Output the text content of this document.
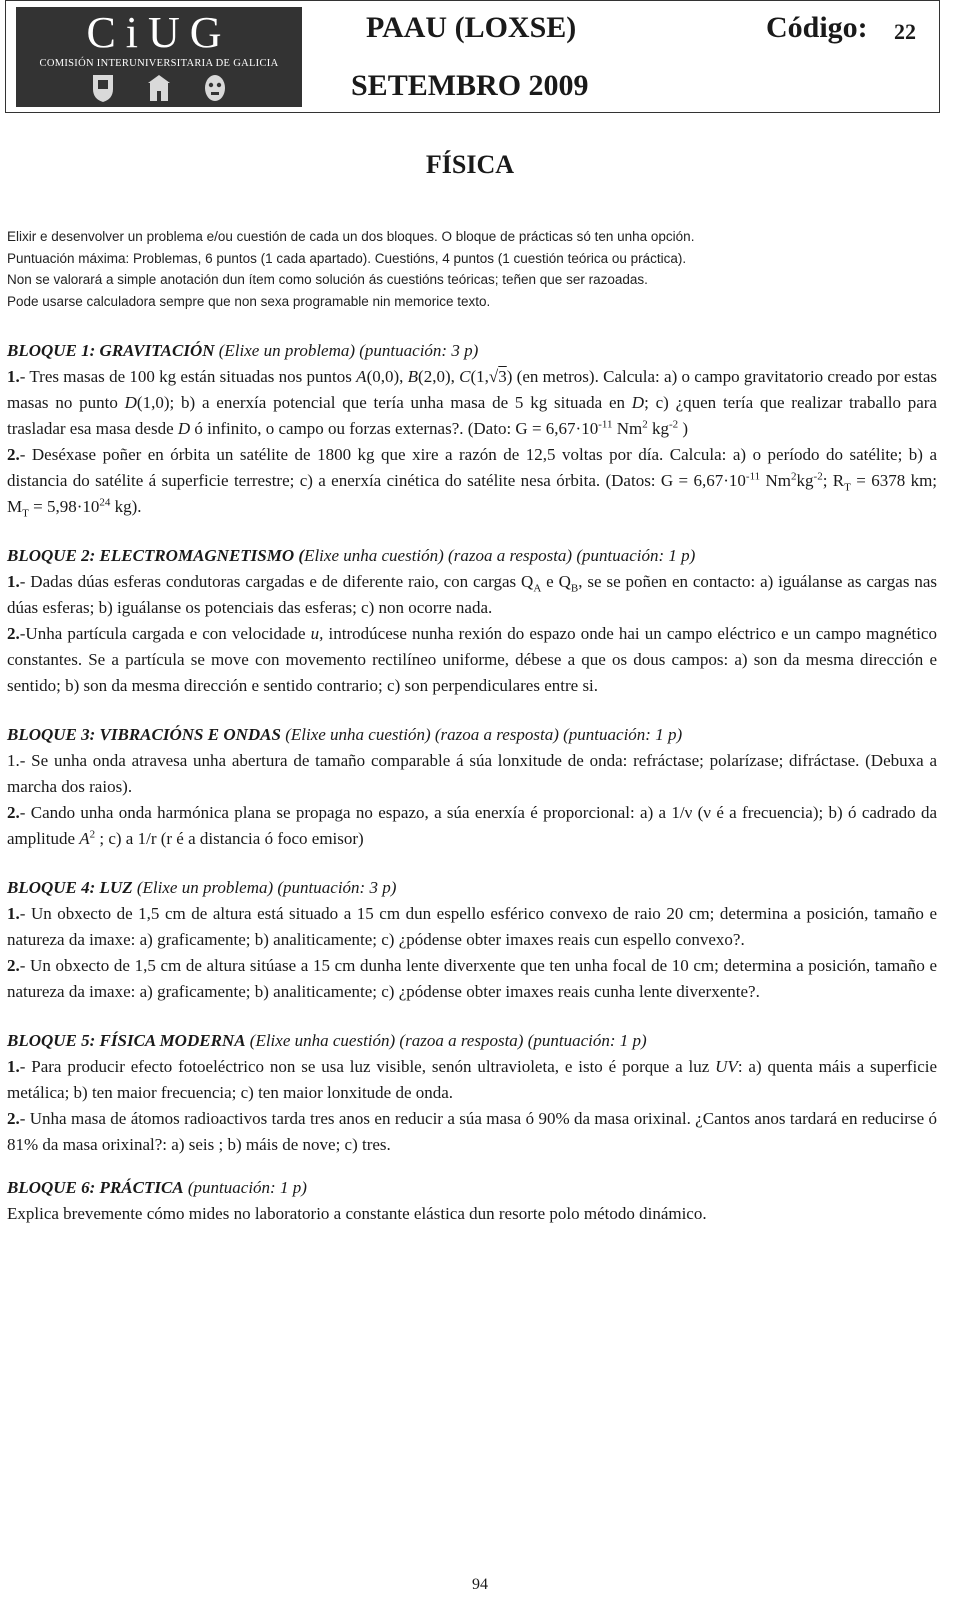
CiUG
COMISIÓN INTERUNIVERSITARIA DE GALICIA

PAAU (LOXSE)
SETEMBRO 2009
Código: 22
FÍSICA

Elixir e desenvolver un problema e/ou cuestión de cada un dos bloques. O bloque de prácticas só ten unha opción.

Puntuación máxima: Problemas, 6 puntos (1 cada apartado). Cuestións, 4 puntos (1 cuestión teórica ou práctica).

Non se valorará a simple anotación dun ítem como solución ás cuestións teóricas; teñen que ser razoadas.

Pode usarse calculadora sempre que non sexa programable nin memorice texto.

BLOQUE 1: GRAVITACIÓN (Elixe un problema) (puntuación: 3 p)

1.- Tres masas de 100 kg están situadas nos puntos A(0,0), B(2,0), C(1,√3) (en metros). Calcula: a) o campo gravitatorio creado por estas masas no punto D(1,0); b) a enerxía potencial que tería unha masa de 5 kg situada en D; c) ¿quen tería que realizar traballo para trasladar esa masa desde D ó infinito, o campo ou forzas externas?. (Dato: $G = 6,67\cdot 10^{-11}$ Nm$^2$ $kg^{-2}$ )

2.- Deséxase poñer en órbita un satélite de 1800 kg que xire a razón de 12,5 voltas por día. Calcula: a) o período do satélite; b) a distancia do satélite á superficie terrestre; c) a enerxía cinética do satélite nesa órbita. (Datos: $G = 6,67\cdot 10^{-11}$ $Nm^2kg^{-2}$; $R_T = 6378$ km; $M_T = 5,98\cdot 10^{24}$ kg).

BLOQUE 2: ELECTROMAGNETISMO (Elixe unha cuestión) (razoa a resposta) (puntuación: 1 p)

1.- Dadas dúas esferas condutoras cargadas e de diferente raio, con cargas $Q_A$ e $Q_B$, se se poñen en contacto: a) iguálanse as cargas nas dúas esferas; b) iguálanse os potenciais das esferas; c) non ocorre nada.

2.-Unha partícula cargada e con velocidade u, introdúcese nunha rexión do espazo onde hai un campo eléctrico e un campo magnético constantes. Se a partícula se move con movemento rectilíneo uniforme, débese a que os dous campos: a) son da mesma dirección e sentido; b) son da mesma dirección e sentido contrario; c) son perpendiculares entre si.

BLOQUE 3: VIBRACIÓNS E ONDAS (Elixe unha cuestión) (razoa a resposta) (puntuación: 1 p)

1.- Se unha onda atravesa unha abertura de tamaño comparable á súa lonxitude de onda: refráctase; polarízase; difráctase. (Debuxa a marcha dos raios).

2.- Cando unha onda harmónica plana se propaga no espazo, a súa enerxía é proporcional: a) a 1/ν (ν é a frecuencia); b) ó cadrado da amplitude $A^2$ ; c) a 1/r (r é a distancia ó foco emisor)

BLOQUE 4: LUZ (Elixe un problema) (puntuación: 3 p)

1.- Un obxecto de 1,5 cm de altura está situado a 15 cm dun espello esférico convexo de raio 20 cm; determina a posición, tamaño e natureza da imaxe: a) graficamente; b) analiticamente; c) ¿pódense obter imaxes reais cun espello convexo?.

2.- Un obxecto de 1,5 cm de altura sitúase a 15 cm dunha lente diverxente que ten unha focal de 10 cm; determina a posición, tamaño e natureza da imaxe: a) graficamente; b) analiticamente; c) ¿pódense obter imaxes reais cunha lente diverxente?.

BLOQUE 5: FÍSICA MODERNA (Elixe unha cuestión) (razoa a resposta) (puntuación: 1 p)

1.- Para producir efecto fotoeléctrico non se usa luz visible, senón ultravioleta, e isto é porque a luz UV: a) quenta máis a superficie metálica; b) ten maior frecuencia; c) ten maior lonxitude de onda.

2.- Unha masa de átomos radioactivos tarda tres anos en reducir a súa masa ó 90% da masa orixinal. ¿Cantos anos tardará en reducirse ó 81% da masa orixinal?: a) seis ; b) máis de nove; c) tres.

BLOQUE 6: PRÁCTICA (puntuación: 1 p)

Explica brevemente cómo mides no laboratorio a constante elástica dun resorte polo método dinámico.

94
